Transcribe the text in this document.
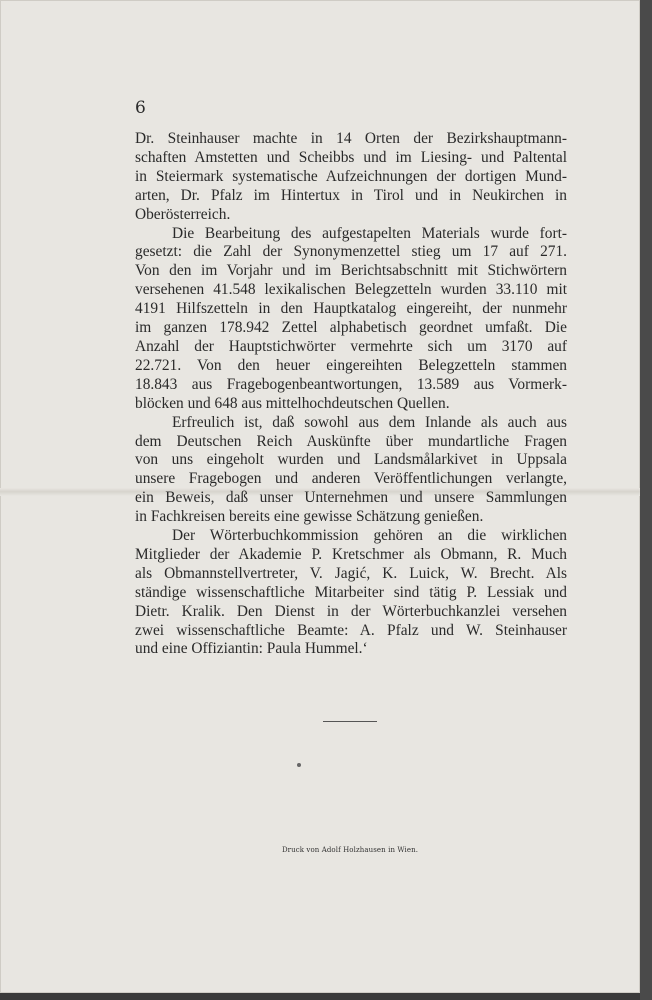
6

Dr. Steinhauser machte in 14 Orten der Bezirkshauptmann-
schaften Amstetten und Scheibbs und im Liesing- und Paltental
in Steiermark systematische Aufzeichnungen der dortigen Mund-
arten, Dr. Pfalz im Hintertux in Tirol und in Neukirchen in
Oberösterreich.

Die Bearbeitung des aufgestapelten Materials wurde fort-
gesetzt: die Zahl der Synonymenzettel stieg um 17 auf 271.
Von den im Vorjahr und im Berichtsabschnitt mit Stichwörtern
versehenen 41.548 lexikalischen Belegzetteln wurden 33.110 mit
4191 Hilfszetteln in den Hauptkatalog eingereiht, der nunmehr
im ganzen 178.942 Zettel alphabetisch geordnet umfaßt. Die
Anzahl der Hauptstichwörter vermehrte sich um 3170 auf
22.721. Von den heuer eingereihten Belegzetteln stammen
18.843 aus Fragebogenbeantwortungen, 13.589 aus Vormerk-
blöcken und 648 aus mittelhochdeutschen Quellen.

Erfreulich ist, daß sowohl aus dem Inlande als auch aus
dem Deutschen Reich Auskünfte über mundartliche Fragen
von uns eingeholt wurden und Landsmålarkivet in Uppsala
unsere Fragebogen und anderen Veröffentlichungen verlangte,
ein Beweis, daß unser Unternehmen und unsere Sammlungen
in Fachkreisen bereits eine gewisse Schätzung genießen.

Der Wörterbuchkommission gehören an die wirklichen
Mitglieder der Akademie P. Kretschmer als Obmann, R. Much
als Obmannstellvertreter, V. Jagić, K. Luick, W. Brecht. Als
ständige wissenschaftliche Mitarbeiter sind tätig P. Lessiak und
Dietr. Kralik. Den Dienst in der Wörterbuchkanzlei versehen
zwei wissenschaftliche Beamte: A. Pfalz und W. Steinhauser
und eine Offiziantin: Paula Hummel.‘

Druck von Adolf Holzhausen in Wien.
